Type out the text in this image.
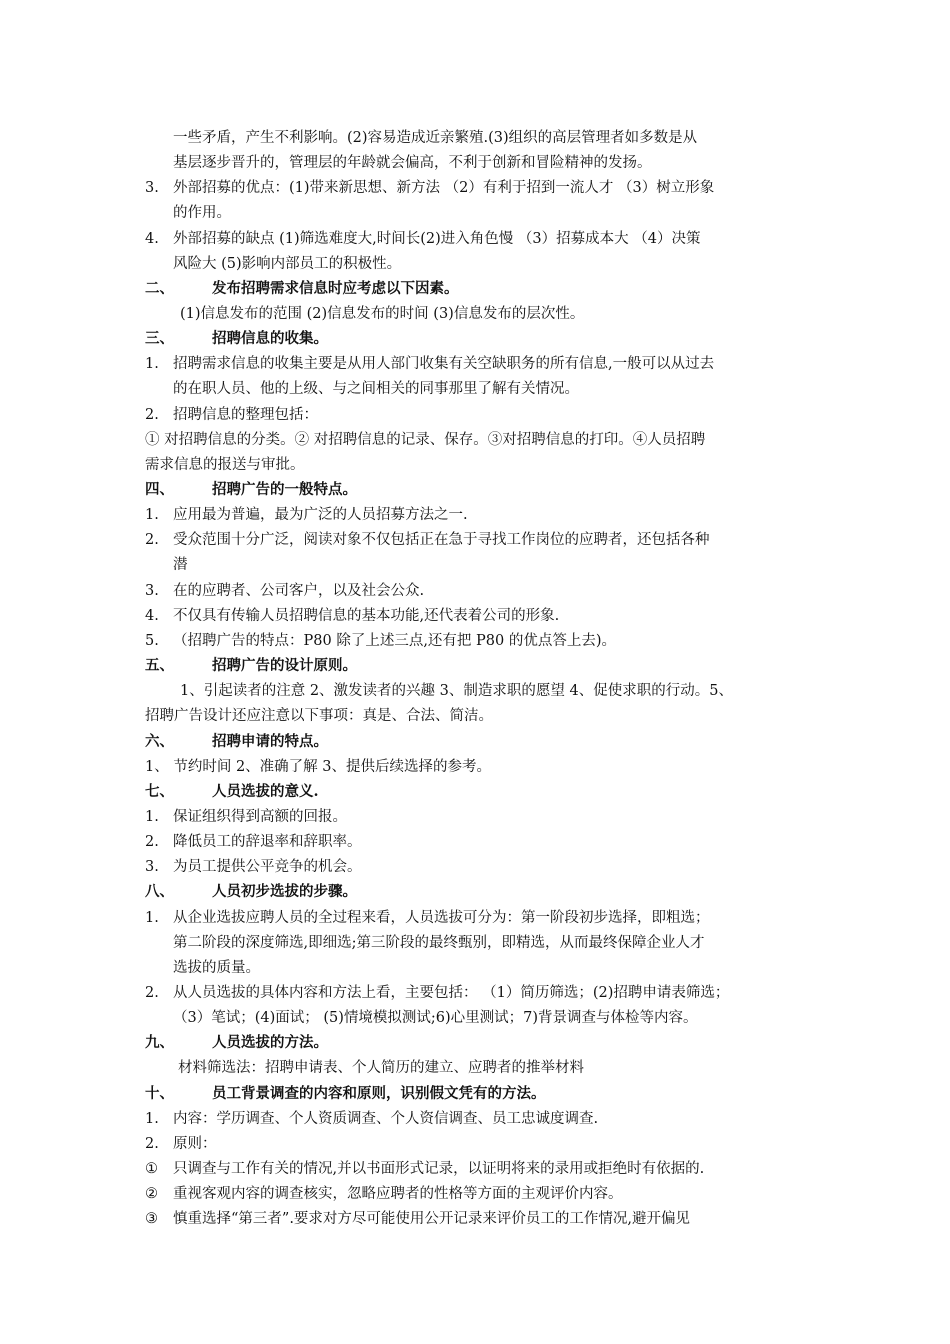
一些矛盾，产生不利影响。(2)容易造成近亲繁殖.(3)组织的高层管理者如多数是从
基层逐步晋升的，管理层的年龄就会偏高，不利于创新和冒险精神的发扬。
3. 外部招募的优点：(1)带来新思想、新方法 （2）有利于招到一流人才 （3）树立形象
的作用。
4. 外部招募的缺点 (1)筛选难度大,时间长(2)进入角色慢 （3）招募成本大 （4）决策
风险大 (5)影响内部员工的积极性。
二、	发布招聘需求信息时应考虑以下因素。
(1)信息发布的范围 (2)信息发布的时间 (3)信息发布的层次性。
三、	招聘信息的收集。
1. 招聘需求信息的收集主要是从用人部门收集有关空缺职务的所有信息,一般可以从过去
的在职人员、他的上级、与之间相关的同事那里了解有关情况。
2. 招聘信息的整理包括：
① 对招聘信息的分类。② 对招聘信息的记录、保存。③对招聘信息的打印。④人员招聘
需求信息的报送与审批。
四、	招聘广告的一般特点。
1. 应用最为普遍，最为广泛的人员招募方法之一.
2. 受众范围十分广泛，阅读对象不仅包括正在急于寻找工作岗位的应聘者，还包括各种
潜
3. 在的应聘者、公司客户，以及社会公众.
4. 不仅具有传输人员招聘信息的基本功能,还代表着公司的形象.
5. （招聘广告的特点：P80 除了上述三点,还有把 P80 的优点答上去)。
五、	招聘广告的设计原则。
1、引起读者的注意 2、激发读者的兴趣 3、制造求职的愿望 4、促使求职的行动。5、
招聘广告设计还应注意以下事项：真是、合法、简洁。
六、	招聘申请的特点。
1、 节约时间 2、准确了解 3、提供后续选择的参考。
七、	人员选拔的意义.
1. 保证组织得到高额的回报。
2. 降低员工的辞退率和辞职率。
3. 为员工提供公平竞争的机会。
八、	人员初步选拔的步骤。
1. 从企业选拔应聘人员的全过程来看，人员选拔可分为：第一阶段初步选择，即粗选；
第二阶段的深度筛选,即细选;第三阶段的最终甄别，即精选，从而最终保障企业人才
选拔的质量。
2. 从人员选拔的具体内容和方法上看，主要包括： （1）简历筛选；(2)招聘申请表筛选；
（3）笔试；(4)面试； (5)情境模拟测试;6)心里测试；7)背景调查与体检等内容。
九、	人员选拔的方法。
材料筛选法：招聘申请表、个人简历的建立、应聘者的推举材料
十、	员工背景调查的内容和原则，识别假文凭有的方法。
1. 内容：学历调查、个人资质调查、个人资信调查、员工忠诚度调查.
2. 原则：
① 只调查与工作有关的情况,并以书面形式记录，以证明将来的录用或拒绝时有依据的.
② 重视客观内容的调查核实，忽略应聘者的性格等方面的主观评价内容。
③ 慎重选择“第三者”.要求对方尽可能使用公开记录来评价员工的工作情况,避开偏见
